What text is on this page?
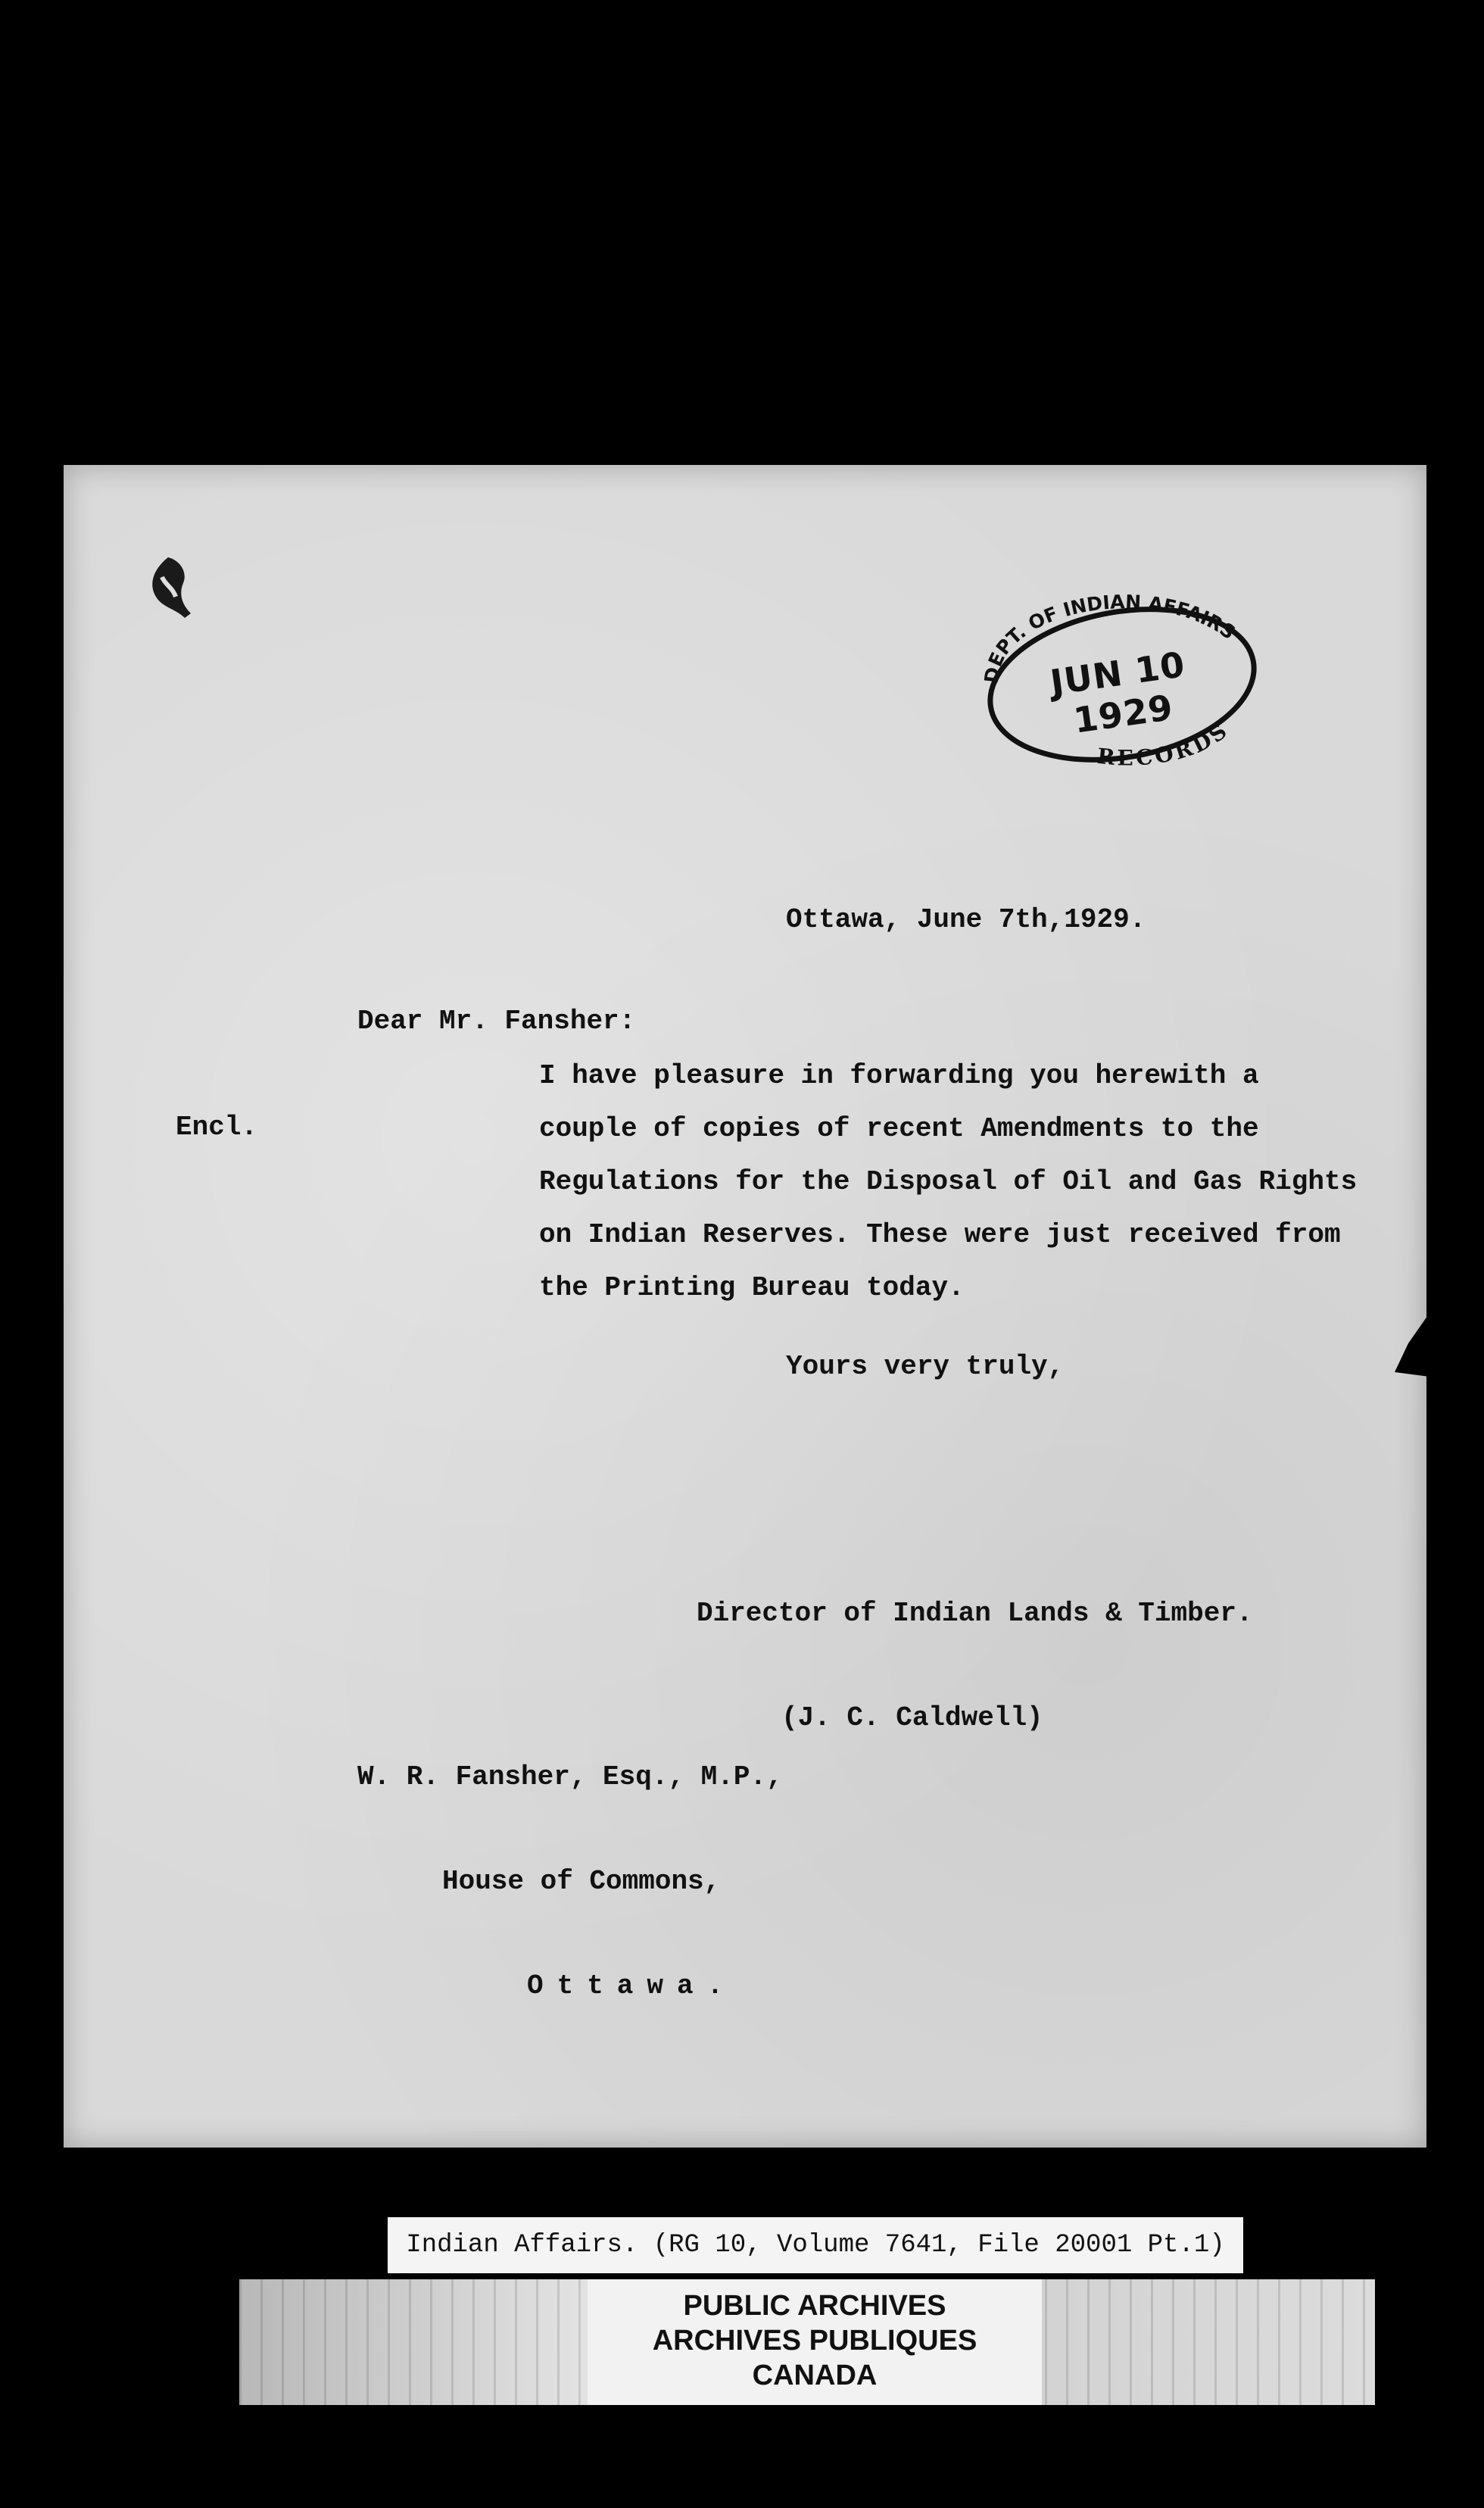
DEPT. OF INDIAN AFFAIRS
RECORDS
JUN 10 1929
Ottawa, June 7th,1929.
Dear Mr. Fansher:
Encl.

I have pleasure in forwarding you herewith a couple of copies of recent Amendments to the Regulations for the Disposal of Oil and Gas Rights on Indian Reserves. These were just received from the Printing Bureau today.

Yours very truly,

Director of Indian Lands & Timber.

(J. C. Caldwell)

W. R. Fansher, Esq., M.P.,

House of Commons,

Ottawa.

Indian Affairs. (RG 10, Volume 7641, File 20001 Pt.1)
PUBLIC ARCHIVES
ARCHIVES PUBLIQUES
CANADA
